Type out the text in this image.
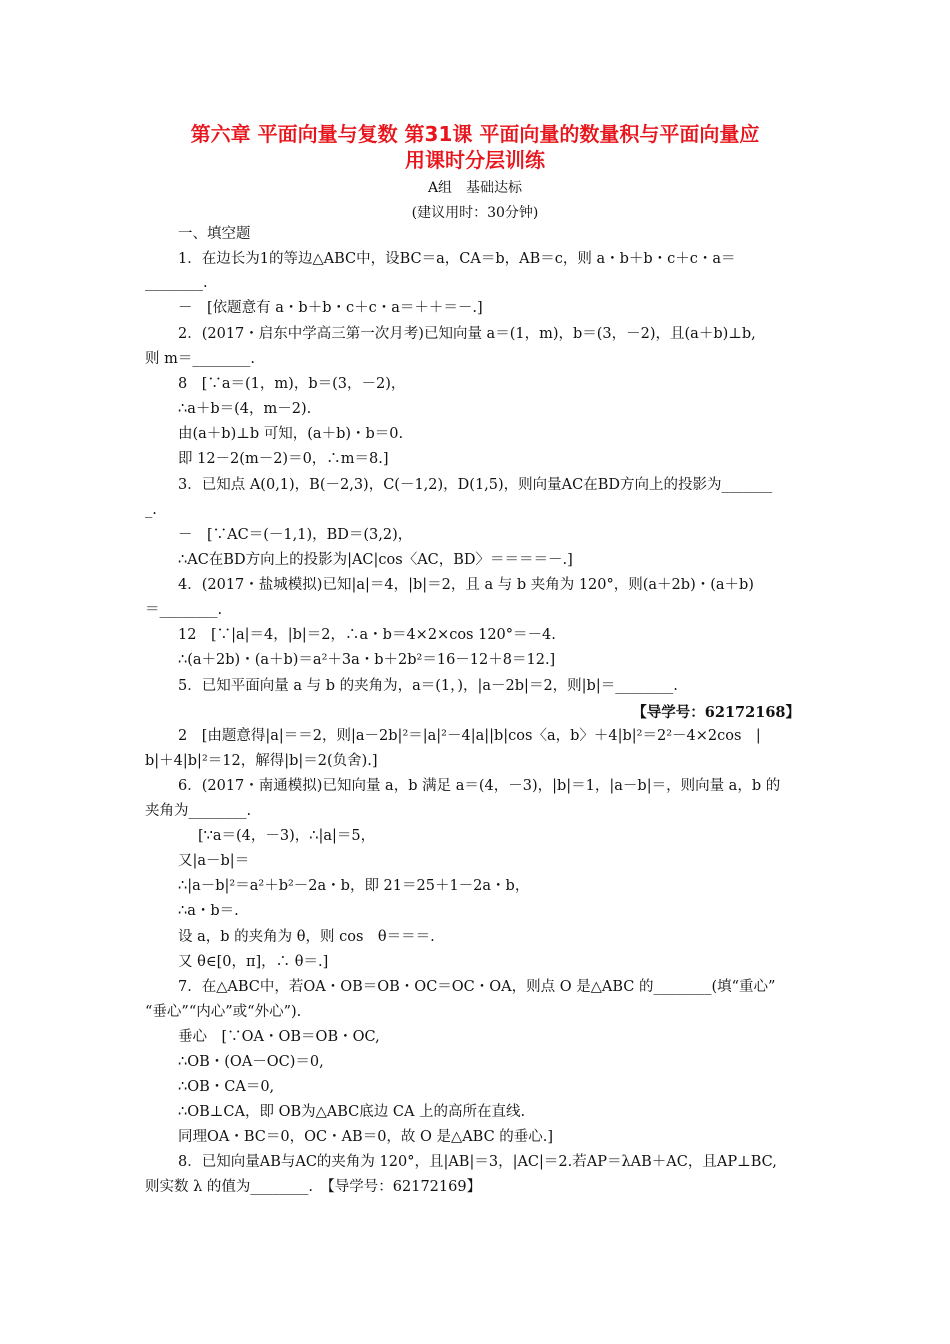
第六章 平面向量与复数 第31课 平面向量的数量积与平面向量应
用课时分层训练
A组　基础达标
(建议用时：30分钟)
一、填空题
1．在边长为1的等边△ABC中，设BC＝a，CA＝b，AB＝c，则 a・b＋b・c＋c・a＝
________.
－　[依题意有 a・b＋b・c＋c・a＝＋＋＝－.]
2．(2017・启东中学高三第一次月考)已知向量 a＝(1，m)，b＝(3，－2)，且(a＋b)⊥b,
则 m＝________.
8　[∵a＝(1，m)，b＝(3，－2)，
∴a＋b＝(4，m－2).
由(a＋b)⊥b 可知，(a＋b)・b＝0.
即 12－2(m－2)＝0，∴m＝8.]
3．已知点 A(0,1)，B(－2,3)，C(－1,2)，D(1,5)，则向量AC在BD方向上的投影为_______
_.
－　[∵AC＝(－1,1)，BD＝(3,2)，
∴AC在BD方向上的投影为|AC|cos〈AC，BD〉＝＝＝＝－.]
4．(2017・盐城模拟)已知|a|＝4，|b|＝2，且 a 与 b 夹角为 120°，则(a＋2b)・(a＋b)
＝________.
12　[∵|a|＝4，|b|＝2，∴a・b＝4×2×cos 120°＝－4.
∴(a＋2b)・(a＋b)＝a²＋3a・b＋2b²＝16－12＋8＝12.]
5．已知平面向量 a 与 b 的夹角为，a＝(1，)，|a－2b|＝2，则|b|＝________.
【导学号：62172168】
2　[由题意得|a|＝＝2，则|a－2b|²＝|a|²－4|a||b|cos〈a，b〉＋4|b|²＝2²－4×2cos　|
b|＋4|b|²＝12，解得|b|＝2(负舍).]
6．(2017・南通模拟)已知向量 a，b 满足 a＝(4，－3)，|b|＝1，|a－b|＝，则向量 a，b 的
夹角为________.
[∵a＝(4，－3)，∴|a|＝5，
又|a－b|＝
∴|a－b|²＝a²＋b²－2a・b，即 21＝25＋1－2a・b，
∴a・b＝.
设 a，b 的夹角为 θ，则 cos　θ＝＝＝.
又 θ∈[0，π]，∴ θ＝.]
7．在△ABC中，若OA・OB＝OB・OC＝OC・OA，则点 O 是△ABC 的________(填“重心”
“垂心”“内心”或“外心”).
垂心　[∵OA・OB＝OB・OC,
∴OB・(OA－OC)＝0,
∴OB・CA＝0,
∴OB⊥CA，即 OB为△ABC底边 CA 上的高所在直线.
同理OA・BC＝0，OC・AB＝0，故 O 是△ABC 的垂心.]
8．已知向量AB与AC的夹角为 120°，且|AB|＝3，|AC|＝2.若AP＝λAB＋AC，且AP⊥BC,
则实数 λ 的值为________.　【导学号：62172169】
